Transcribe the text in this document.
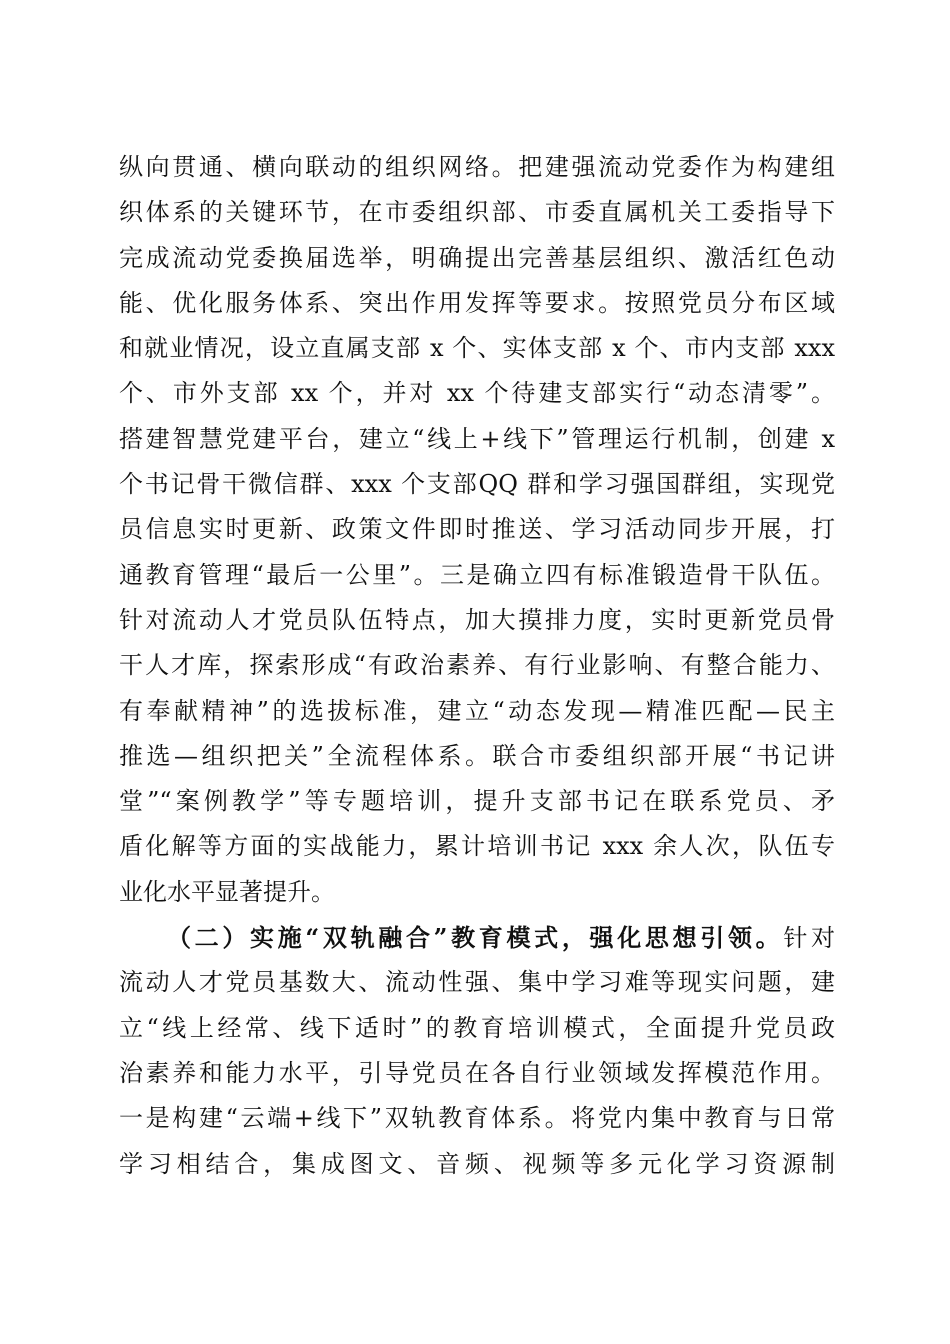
纵向贯通、横向联动的组织网络。把建强流动党委作为构建组
织体系的关键环节，在市委组织部、市委直属机关工委指导下
完成流动党委换届选举，明确提出完善基层组织、激活红色动
能、优化服务体系、突出作用发挥等要求。按照党员分布区域
和就业情况，设立直属支部 x 个、实体支部 x 个、市内支部 xxx
个、市外支部 xx 个，并对 xx 个待建支部实行“动态清零”。
搭建智慧党建平台，建立“线上+线下”管理运行机制，创建 x
个书记骨干微信群、xxx 个支部QQ 群和学习强国群组，实现党
员信息实时更新、政策文件即时推送、学习活动同步开展，打
通教育管理“最后一公里”。三是确立四有标准锻造骨干队伍。
针对流动人才党员队伍特点，加大摸排力度，实时更新党员骨
干人才库，探索形成“有政治素养、有行业影响、有整合能力、
有奉献精神”的选拔标准，建立“动态发现—精准匹配—民主
推选—组织把关”全流程体系。联合市委组织部开展“书记讲
堂”“案例教学”等专题培训，提升支部书记在联系党员、矛
盾化解等方面的实战能力，累计培训书记 xxx 余人次，队伍专
业化水平显著提升。
（二）实施“双轨融合”教育模式，强化思想引领。针对
流动人才党员基数大、流动性强、集中学习难等现实问题，建
立“线上经常、线下适时”的教育培训模式，全面提升党员政
治素养和能力水平，引导党员在各自行业领域发挥模范作用。
一是构建“云端+线下”双轨教育体系。将党内集中教育与日常
学习相结合，集成图文、音频、视频等多元化学习资源制
